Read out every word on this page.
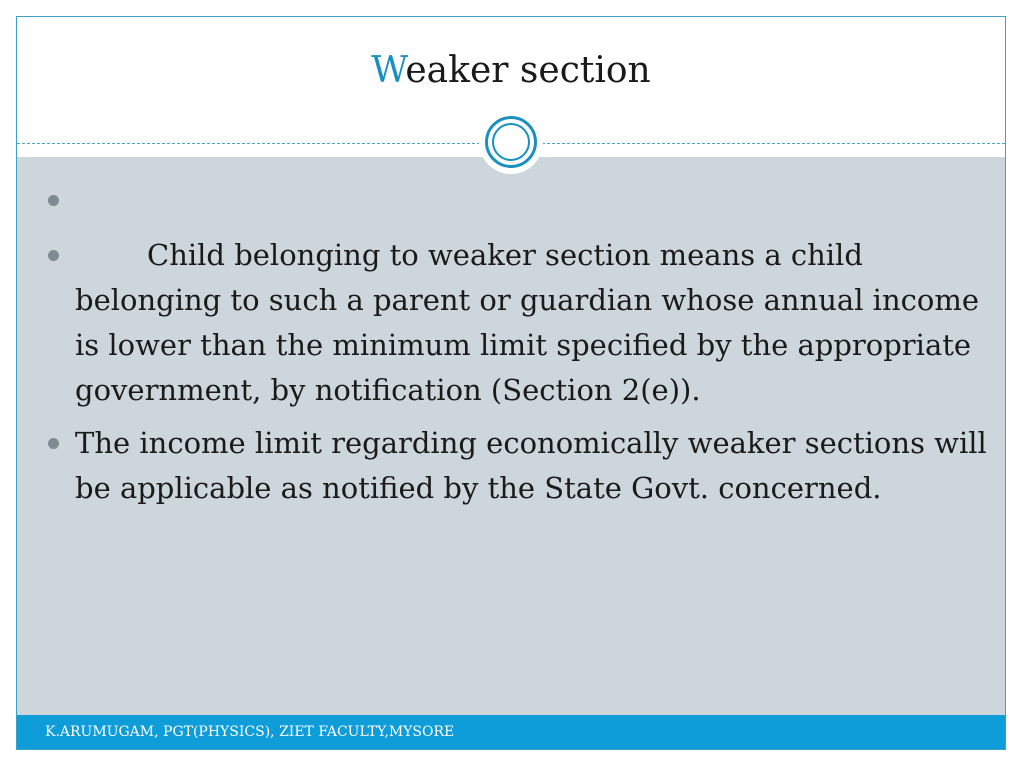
Weaker section
Child belonging to weaker section means a child belonging to such a parent or guardian whose annual income is lower than the minimum limit specified by the appropriate government, by notification (Section 2(e)).
The income limit regarding economically weaker sections will be applicable as notified by the State Govt. concerned.
K.ARUMUGAM, PGT(PHYSICS), ZIET FACULTY,MYSORE
